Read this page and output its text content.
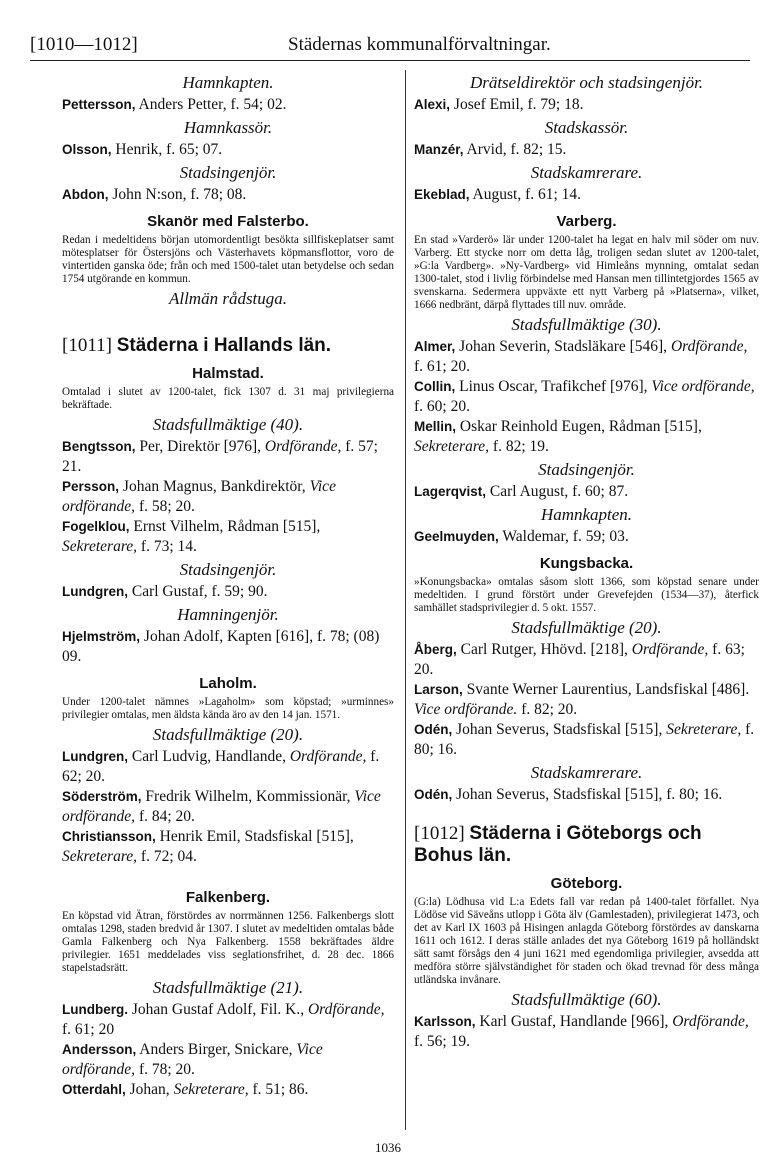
[1010—1012]	Städernas kommunalförvaltningar.
Hamnkapten.

Pettersson, Anders Petter, f. 54; 02.

Hamnkassör.

Olsson, Henrik, f. 65; 07.

Stadsingenjör.

Abdon, John N:son, f. 78; 08.

Skanör med Falsterbo.

Redan i medeltidens början utomordentligt besökta sillfiskeplatser samt mötesplatser för Östersjöns och Västerhavets köpmansflottor, voro de vintertiden ganska öde; från och med 1500-talet utan betydelse och sedan 1754 utgörande en kommun.

Allmän rådstuga.
[1011] Städerna i Hallands län.
Halmstad.

Omtalad i slutet av 1200-talet, fick 1307 d. 31 maj privilegierna bekräftade.

Stadsfullmäktige (40).

Bengtsson, Per, Direktör [976], Ordförande, f. 57; 21.

Persson, Johan Magnus, Bankdirektör, Vice ordförande, f. 58; 20.

Fogelklou, Ernst Vilhelm, Rådman [515], Sekreterare, f. 73; 14.

Stadsingenjör.

Lundgren, Carl Gustaf, f. 59; 90.

Hamningenjör.

Hjelmström, Johan Adolf, Kapten [616], f. 78; (08) 09.

Laholm.

Under 1200-talet nämnes »Lagaholm» som köpstad; »urminnes» privilegier omtalas, men äldsta kända äro av den 14 jan. 1571.

Stadsfullmäktige (20).

Lundgren, Carl Ludvig, Handlande, Ordförande, f. 62; 20.

Söderström, Fredrik Wilhelm, Kommissionär, Vice ordförande, f. 84; 20.

Christiansson, Henrik Emil, Stadsfiskal [515], Sekreterare, f. 72; 04.

Falkenberg.

En köpstad vid Ätran, förstördes av norrmännen 1256. Falkenbergs slott omtalas 1298, staden bredvid år 1307. I slutet av medeltiden omtalas både Gamla Falkenberg och Nya Falkenberg. 1558 bekräftades äldre privilegier. 1651 meddelades viss seglationsfrihet, d. 28 dec. 1866 stapelstadsrätt.

Stadsfullmäktige (21).

Lundberg. Johan Gustaf Adolf, Fil. K., Ordförande, f. 61; 20

Andersson, Anders Birger, Snickare, Vice ordförande, f. 78; 20.

Otterdahl, Johan, Sekreterare, f. 51; 86.

Drätseldirektör och stadsingenjör.

Alexi, Josef Emil, f. 79; 18.

Stadskassör.

Manzér, Arvid, f. 82; 15.

Stadskamrerare.

Ekeblad, August, f. 61; 14.

Varberg.

En stad »Varderö» lär under 1200-talet ha legat en halv mil söder om nuv. Varberg. Ett stycke norr om detta låg, troligen sedan slutet av 1200-talet, »G:la Vardberg». »Ny-Vardberg» vid Himleåns mynning, omtalat sedan 1300-talet, stod i livlig förbindelse med Hansan men tillintetgjordes 1565 av svenskarna. Sedermera uppväxte ett nytt Varberg på »Platserna», vilket, 1666 nedbränt, därpå flyttades till nuv. område.

Stadsfullmäktige (30).

Almer, Johan Severin, Stadsläkare [546], Ordförande, f. 61; 20.

Collin, Linus Oscar, Trafikchef [976], Vice ordförande, f. 60; 20.

Mellin, Oskar Reinhold Eugen, Rådman [515], Sekreterare, f. 82; 19.

Stadsingenjör.

Lagerqvist, Carl August, f. 60; 87.

Hamnkapten.

Geelmuyden, Waldemar, f. 59; 03.

Kungsbacka.

»Konungsbacka» omtalas såsom slott 1366, som köpstad senare under medeltiden. I grund förstört under Grevefejden (1534—37), återfick samhället stadsprivilegier d. 5 okt. 1557.

Stadsfullmäktige (20).

Åberg, Carl Rutger, Hhövd. [218], Ordförande, f. 63; 20.

Larson, Svante Werner Laurentius, Landsfiskal [486]. Vice ordförande. f. 82; 20.

Odén, Johan Severus, Stadsfiskal [515], Sekreterare, f. 80; 16.

Stadskamrerare.

Odén, Johan Severus, Stadsfiskal [515], f. 80; 16.

[1012] Städerna i Göteborgs och Bohus län.
Göteborg.

(G:la) Lödhusa vid L:a Edets fall var redan på 1400-talet förfallet. Nya Lödöse vid Säveåns utlopp i Göta älv (Gamlestaden), privilegierat 1473, och det av Karl IX 1603 på Hisingen anlagda Göteborg förstördes av danskarna 1611 och 1612. I deras ställe anlades det nya Göteborg 1619 på holländskt sätt samt försågs den 4 juni 1621 med egendomliga privilegier, avsedda att medföra större självständighet för staden och ökad trevnad för dess många utländska invånare.

Stadsfullmäktige (60).

Karlsson, Karl Gustaf, Handlande [966], Ordförande, f. 56; 19.

1036
